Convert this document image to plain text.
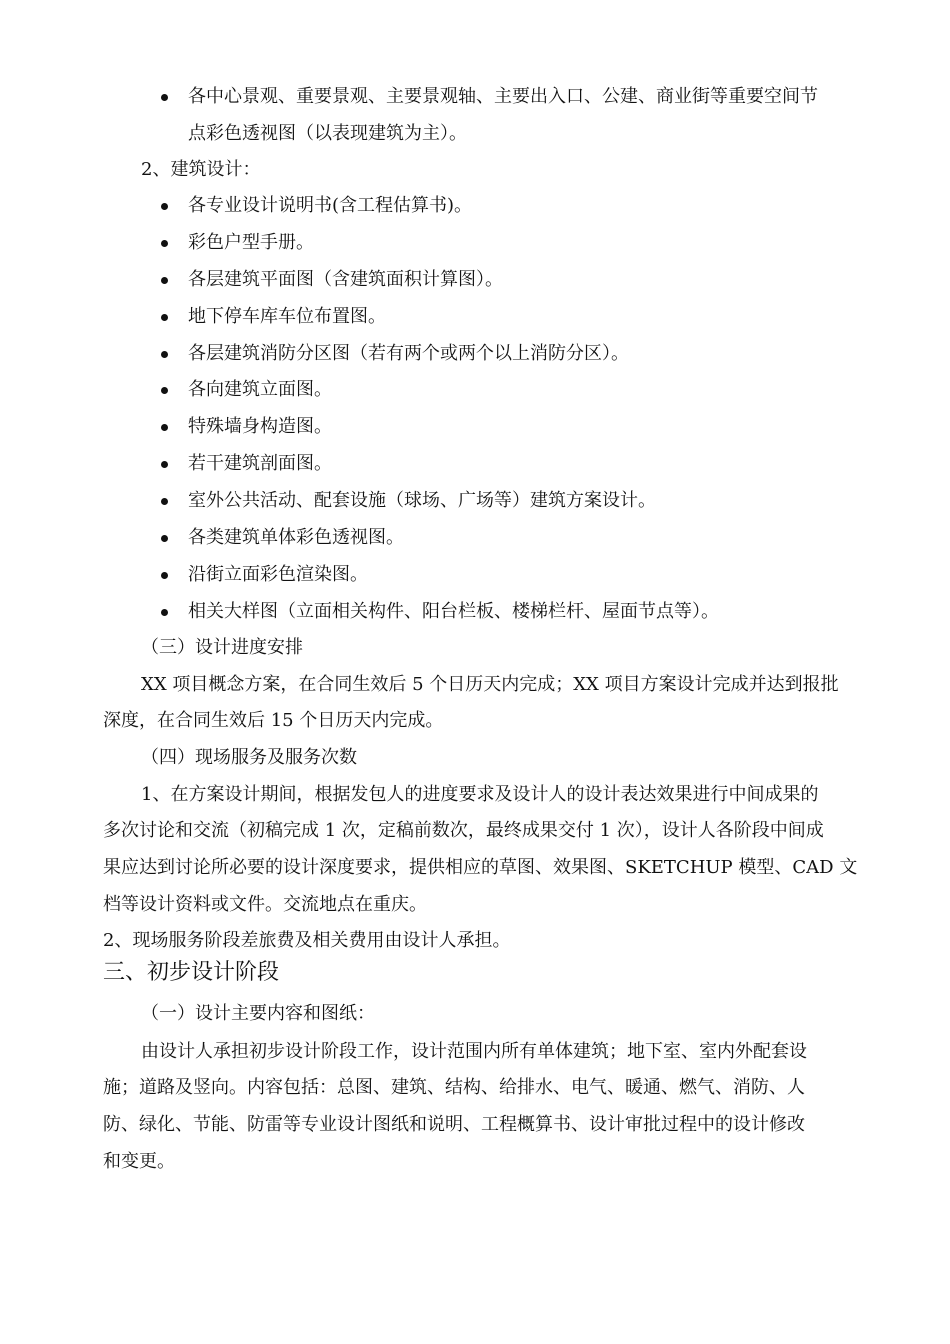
各中心景观、重要景观、主要景观轴、主要出入口、公建、商业街等重要空间节
点彩色透视图（以表现建筑为主）。
2、建筑设计：
各专业设计说明书(含工程估算书)。
彩色户型手册。
各层建筑平面图（含建筑面积计算图）。
地下停车库车位布置图。
各层建筑消防分区图（若有两个或两个以上消防分区）。
各向建筑立面图。
特殊墙身构造图。
若干建筑剖面图。
室外公共活动、配套设施（球场、广场等）建筑方案设计。
各类建筑单体彩色透视图。
沿街立面彩色渲染图。
相关大样图（立面相关构件、阳台栏板、楼梯栏杆、屋面节点等）。
（三）设计进度安排
XX 项目概念方案，在合同生效后 5 个日历天内完成；XX 项目方案设计完成并达到报批
深度，在合同生效后 15 个日历天内完成。
（四）现场服务及服务次数
1、在方案设计期间，根据发包人的进度要求及设计人的设计表达效果进行中间成果的
多次讨论和交流（初稿完成 1 次，定稿前数次，最终成果交付 1 次），设计人各阶段中间成
果应达到讨论所必要的设计深度要求，提供相应的草图、效果图、SKETCHUP 模型、CAD 文
档等设计资料或文件。交流地点在重庆。
2、现场服务阶段差旅费及相关费用由设计人承担。
三、初步设计阶段
（一）设计主要内容和图纸：
由设计人承担初步设计阶段工作，设计范围内所有单体建筑；地下室、室内外配套设
施；道路及竖向。内容包括：总图、建筑、结构、给排水、电气、暖通、燃气、消防、人
防、绿化、节能、防雷等专业设计图纸和说明、工程概算书、设计审批过程中的设计修改
和变更。
